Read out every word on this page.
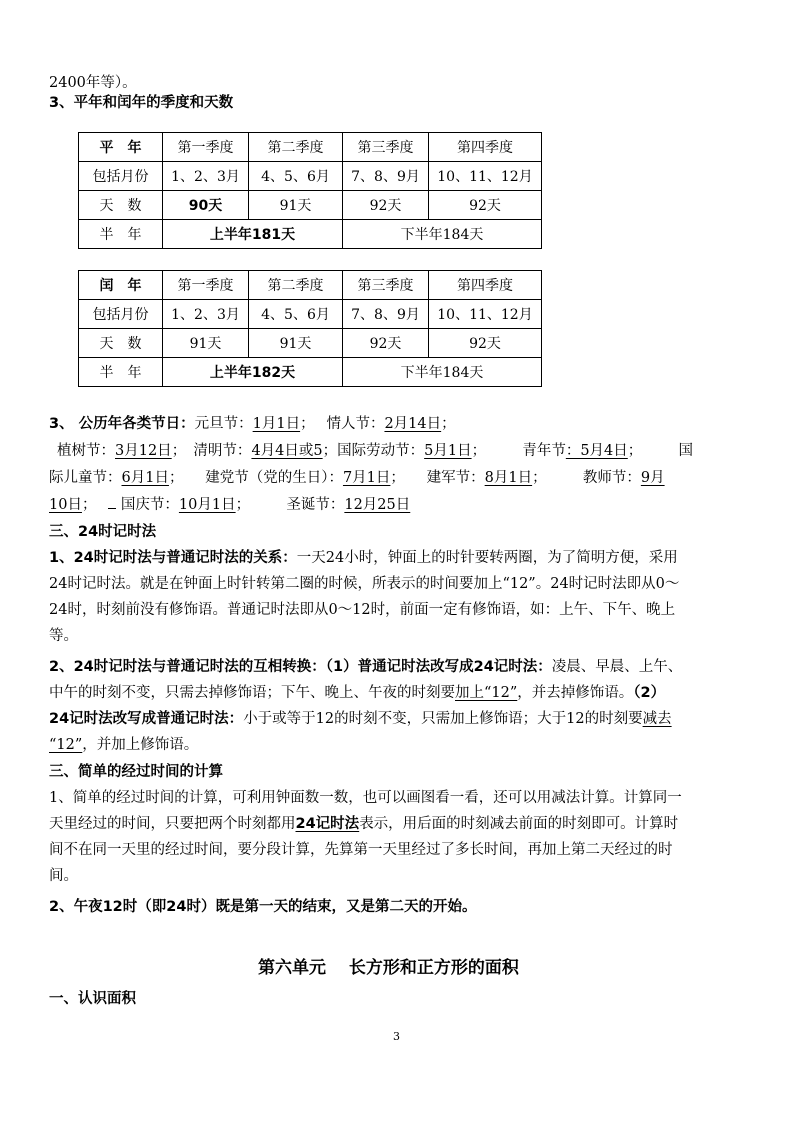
2400年等）。
3、平年和闰年的季度和天数
平　年	第一季度	第二季度	第三季度	第四季度
包括月份	1、2、3月	4、5、6月	7、8、9月	10、11、12月
天　数	90天	91天	92天	92天
半　年	上半年181天		下半年184天	
闰　年	第一季度	第二季度	第三季度	第四季度
包括月份	1、2、3月	4、5、6月	7、8、9月	10、11、12月
天　数	91天	91天	92天	92天
半　年	上半年182天		下半年184天	
3、 公历年各类节日：元旦节：1月1日；　 情人节：2月14日；
植树节：3月12日；　清明节：4月4日或5；国际劳动节：5月1日；　　　青年节：5月4日；　　　国
际儿童节：6月1日；　　建党节（党的生日）：7月1日；　　建军节：8月1日；　　　教师节：9月
10日；　  国庆节：10月1日；　　　圣诞节：12月25日
三、24时记时法
1、24时记时法与普通记时法的关系：一天24小时，钟面上的时针要转两圈，为了简明方便，采用
24时记时法。就是在钟面上时针转第二圈的时候，所表示的时间要加上“12”。24时记时法即从0～
24时，时刻前没有修饰语。普通记时法即从0～12时，前面一定有修饰语，如：上午、下午、晚上
等。
2、24时记时法与普通记时法的互相转换：（1）普通记时法改写成24记时法：凌晨、早晨、上午、
中午的时刻不变，只需去掉修饰语；下午、晚上、午夜的时刻要加上“12”，并去掉修饰语。（2）
24记时法改写成普通记时法：小于或等于12的时刻不变，只需加上修饰语；大于12的时刻要减去
“12”，并加上修饰语。
三、简单的经过时间的计算
1、简单的经过时间的计算，可利用钟面数一数，也可以画图看一看，还可以用减法计算。计算同一
天里经过的时间，只要把两个时刻都用24记时法表示，用后面的时刻减去前面的时刻即可。计算时
间不在同一天里的经过时间，要分段计算，先算第一天里经过了多长时间，再加上第二天经过的时
间。
2、午夜12时（即24时）既是第一天的结束，又是第二天的开始。
第六单元　 长方形和正方形的面积
一、认识面积
3
